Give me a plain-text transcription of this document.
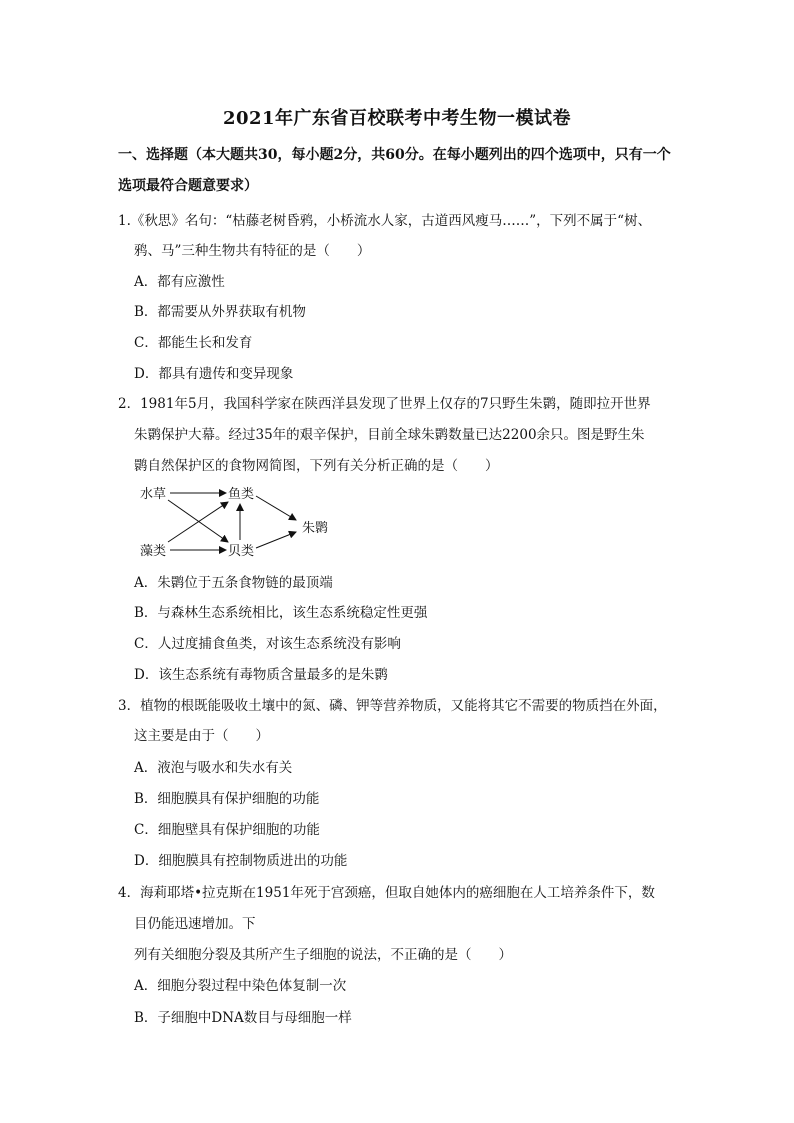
2021年广东省百校联考中考生物一模试卷
一、选择题（本大题共30，每小题2分，共60分。在每小题列出的四个选项中，只有一个
选项最符合题意要求）
1.《秋思》名句：“枯藤老树昏鸦，小桥流水人家，古道西风瘦马……”，下列不属于“树、
鸦、马”三种生物共有特征的是（　　）
A．都有应激性
B．都需要从外界获取有机物
C．都能生长和发育
D．都具有遗传和变异现象
2．1981年5月，我国科学家在陕西洋县发现了世界上仅存的7只野生朱鹮，随即拉开世界
朱鹮保护大幕。经过35年的艰辛保护，目前全球朱鹮数量已达2200余只。图是野生朱
鹮自然保护区的食物网简图，下列有关分析正确的是（　　）
水草	鱼类
藻类	贝类
朱鹮
A．朱鹮位于五条食物链的最顶端
B．与森林生态系统相比，该生态系统稳定性更强
C．人过度捕食鱼类，对该生态系统没有影响
D．该生态系统有毒物质含量最多的是朱鹮
3．植物的根既能吸收土壤中的氮、磷、钾等营养物质，又能将其它不需要的物质挡在外面，
这主要是由于（　　）
A．液泡与吸水和失水有关
B．细胞膜具有保护细胞的功能
C．细胞壁具有保护细胞的功能
D．细胞膜具有控制物质进出的功能
4．海莉耶塔•拉克斯在1951年死于宫颈癌，但取自她体内的癌细胞在人工培养条件下，数
目仍能迅速增加。下
列有关细胞分裂及其所产生子细胞的说法，不正确的是（　　）
A．细胞分裂过程中染色体复制一次
B．子细胞中DNA数目与母细胞一样
